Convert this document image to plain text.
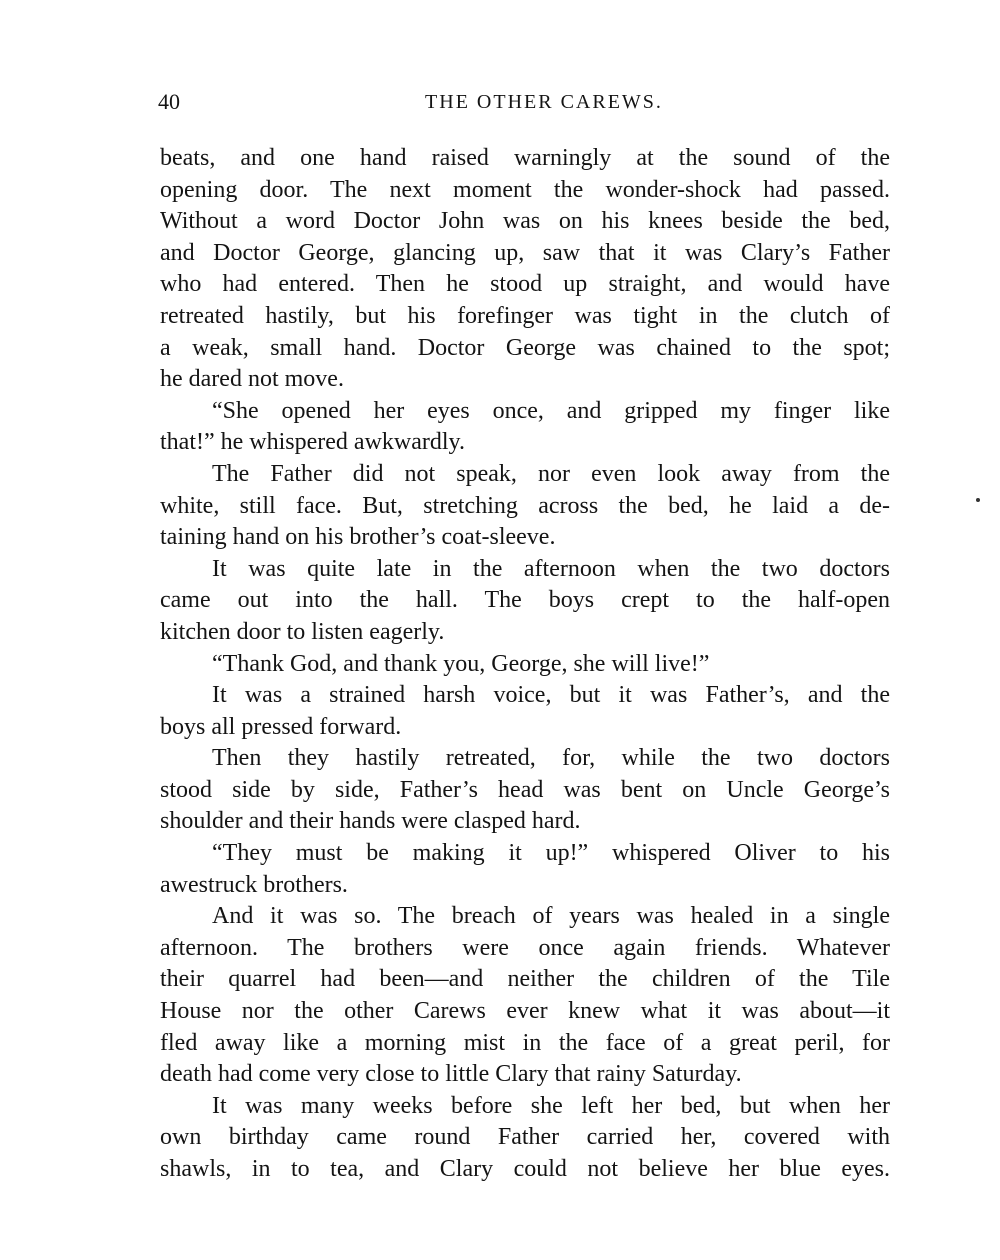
40	THE OTHER CAREWS.
beats, and one hand raised warningly at the sound of the
opening door. The next moment the wonder-shock had passed.
Without a word Doctor John was on his knees beside the bed,
and Doctor George, glancing up, saw that it was Clary’s Father
who had entered. Then he stood up straight, and would have
retreated hastily, but his forefinger was tight in the clutch of
a weak, small hand. Doctor George was chained to the spot;
he dared not move.
“She opened her eyes once, and gripped my finger like
that!” he whispered awkwardly.
The Father did not speak, nor even look away from the
white, still face. But, stretching across the bed, he laid a de-
taining hand on his brother’s coat-sleeve.
It was quite late in the afternoon when the two doctors
came out into the hall. The boys crept to the half-open
kitchen door to listen eagerly.
“Thank God, and thank you, George, she will live!”
It was a strained harsh voice, but it was Father’s, and the
boys all pressed forward.
Then they hastily retreated, for, while the two doctors
stood side by side, Father’s head was bent on Uncle George’s
shoulder and their hands were clasped hard.
“They must be making it up!” whispered Oliver to his
awestruck brothers.
And it was so. The breach of years was healed in a single
afternoon. The brothers were once again friends. Whatever
their quarrel had been—and neither the children of the Tile
House nor the other Carews ever knew what it was about—it
fled away like a morning mist in the face of a great peril, for
death had come very close to little Clary that rainy Saturday.
It was many weeks before she left her bed, but when her
own birthday came round Father carried her, covered with
shawls, in to tea, and Clary could not believe her blue eyes.
